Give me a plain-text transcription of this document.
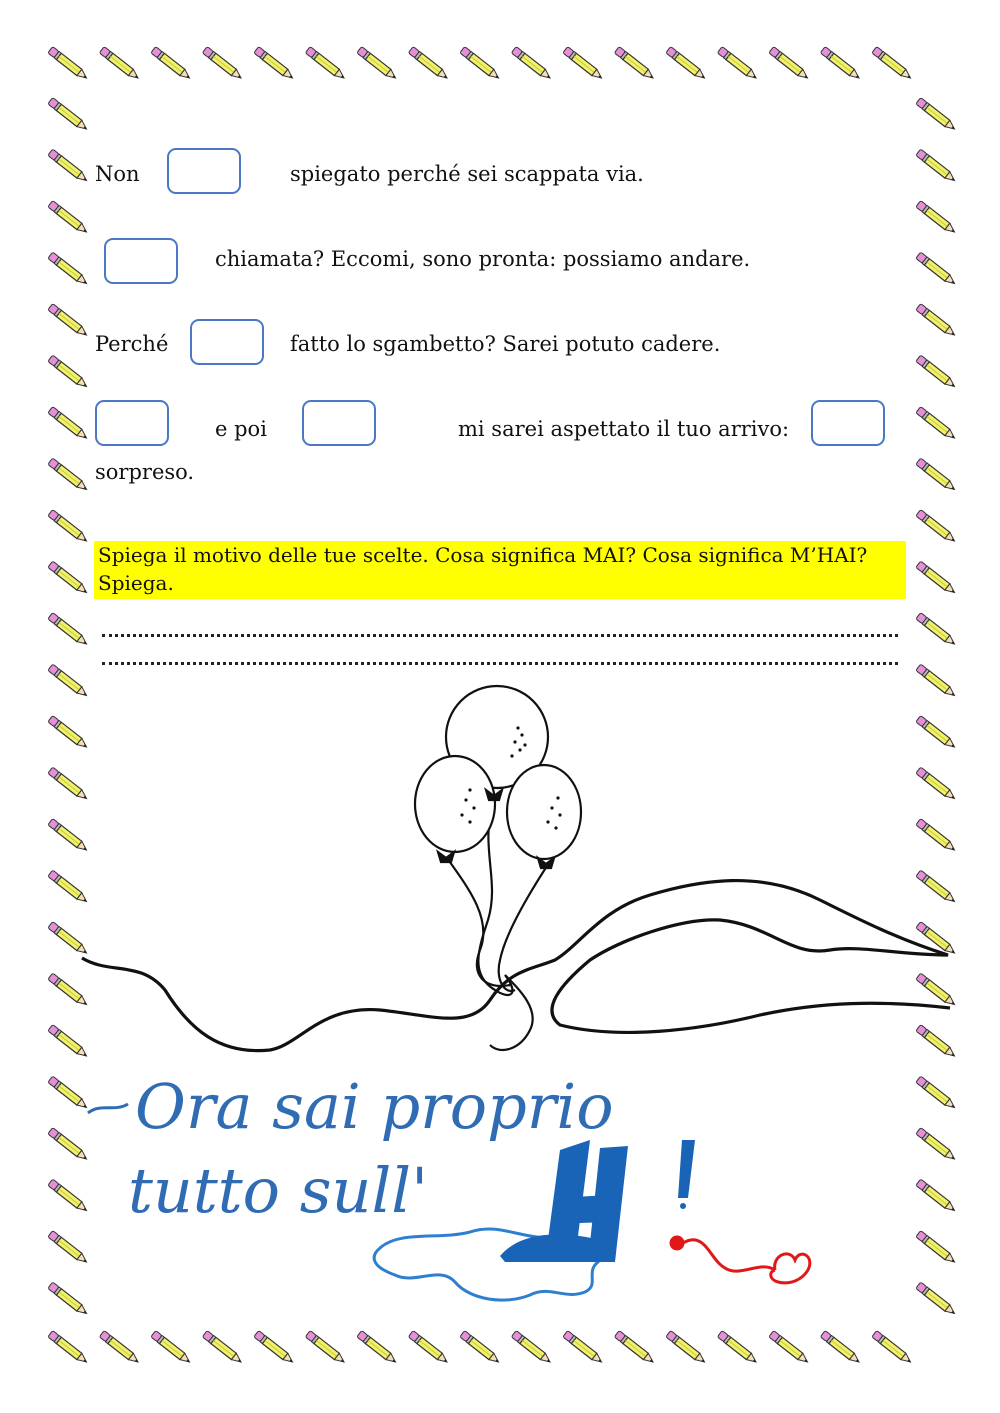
Non	spiegato perché sei scappata via.
chiamata? Eccomi, sono pronta: possiamo andare.
Perché	fatto lo sgambetto? Sarei potuto cadere.
e poi	mi sarei aspettato il tuo arrivo:
sorpreso.
Spiega il motivo delle tue scelte. Cosa significa MAI? Cosa significa M’HAI?
Spiega.
Ora sai proprio
tutto sull'
